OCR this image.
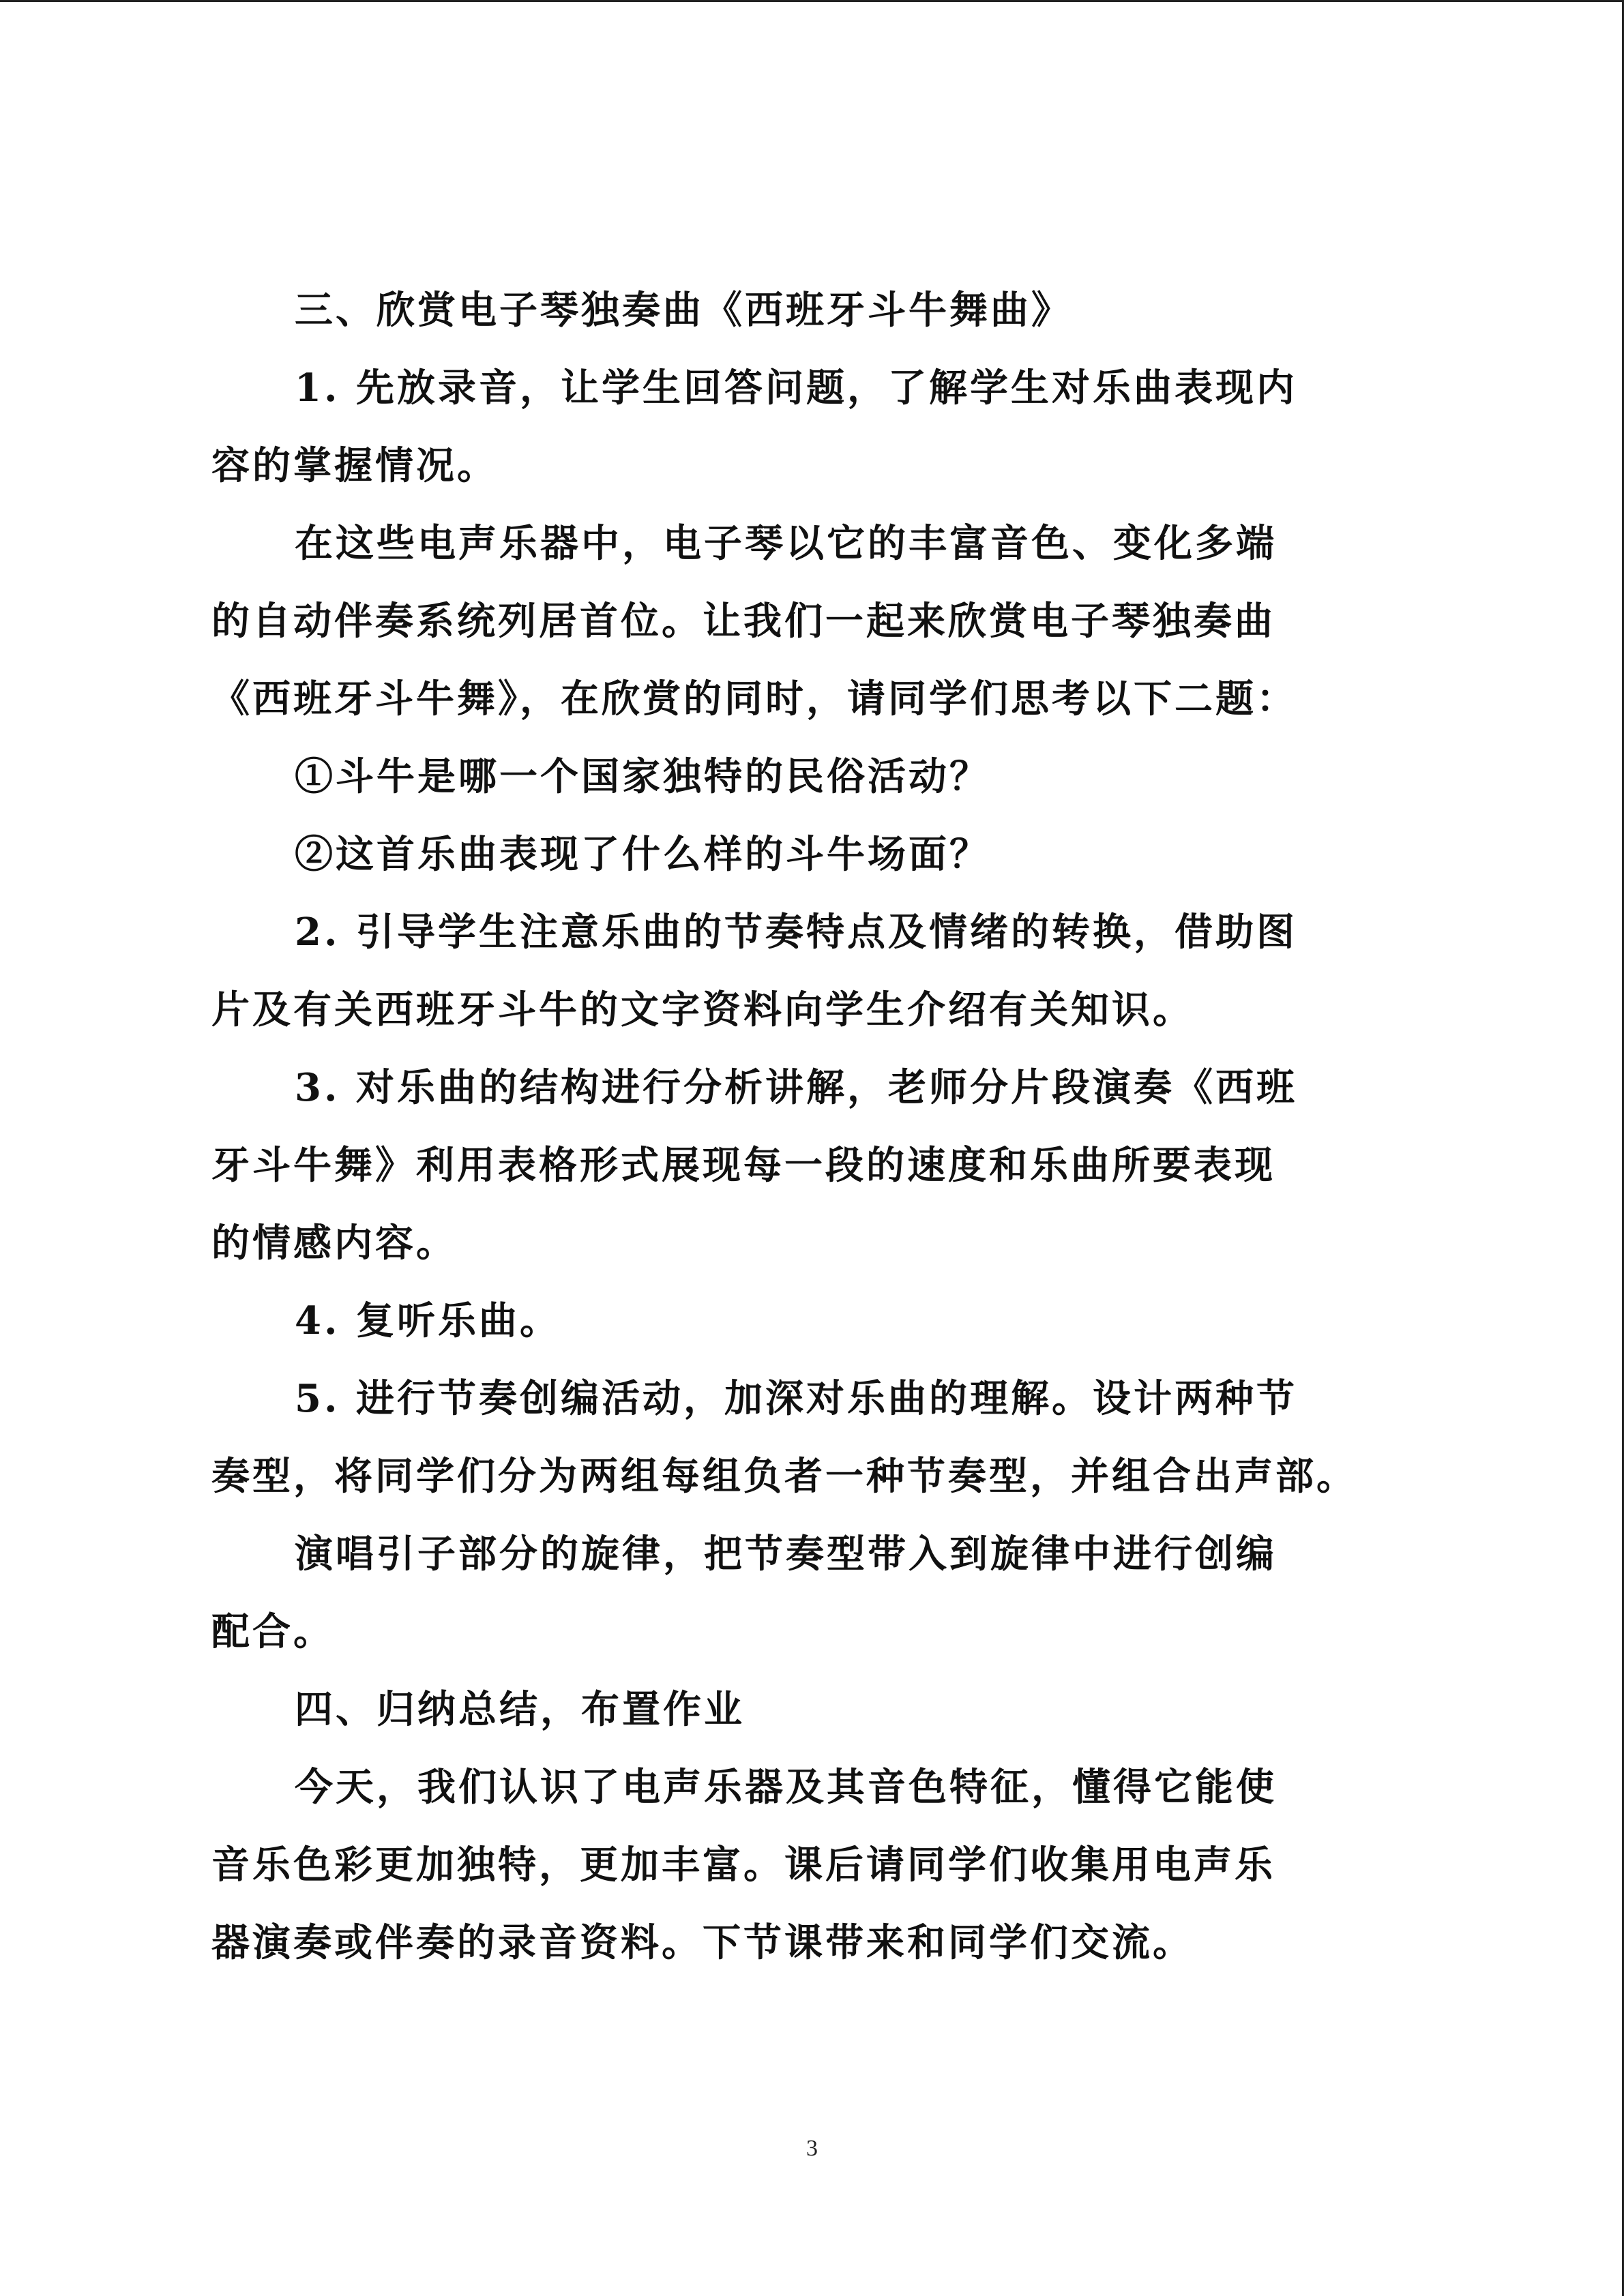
三、欣赏电子琴独奏曲《西班牙斗牛舞曲》
1. 先放录音，让学生回答问题，了解学生对乐曲表现内
容的掌握情况。
在这些电声乐器中，电子琴以它的丰富音色、变化多端
的自动伴奏系统列居首位。让我们一起来欣赏电子琴独奏曲
《西班牙斗牛舞》，在欣赏的同时，请同学们思考以下二题：
①斗牛是哪一个国家独特的民俗活动？
②这首乐曲表现了什么样的斗牛场面？
2. 引导学生注意乐曲的节奏特点及情绪的转换，借助图
片及有关西班牙斗牛的文字资料向学生介绍有关知识。
3. 对乐曲的结构进行分析讲解，老师分片段演奏《西班
牙斗牛舞》利用表格形式展现每一段的速度和乐曲所要表现
的情感内容。
4. 复听乐曲。
5. 进行节奏创编活动，加深对乐曲的理解。设计两种节
奏型，将同学们分为两组每组负者一种节奏型，并组合出声部。
演唱引子部分的旋律，把节奏型带入到旋律中进行创编
配合。
四、归纳总结，布置作业
今天，我们认识了电声乐器及其音色特征，懂得它能使
音乐色彩更加独特，更加丰富。课后请同学们收集用电声乐
器演奏或伴奏的录音资料。下节课带来和同学们交流。
3
